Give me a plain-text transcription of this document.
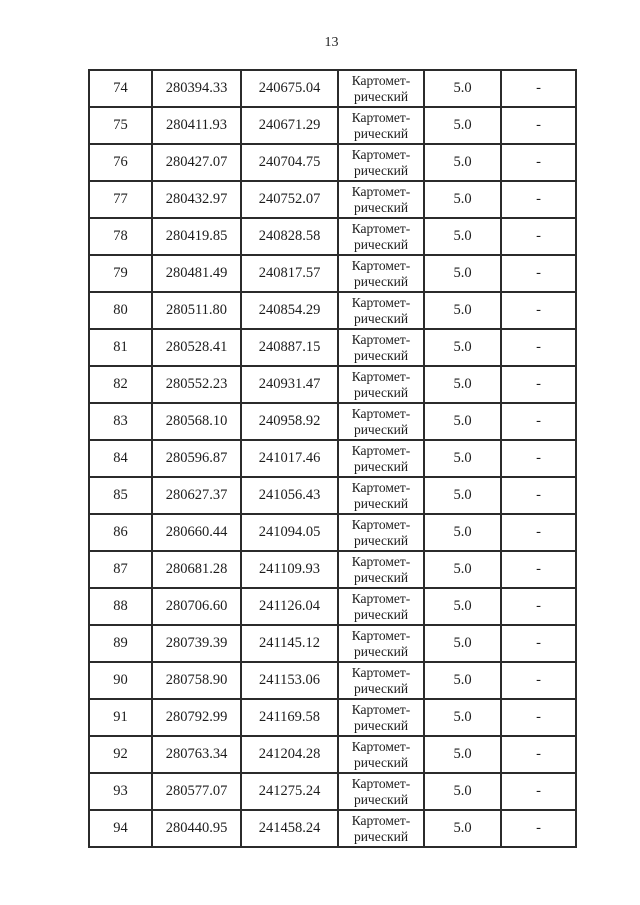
13
74	280394.33	240675.04	Картомет-
рический	5.0	-
75	280411.93	240671.29	Картомет-
рический	5.0	-
76	280427.07	240704.75	Картомет-
рический	5.0	-
77	280432.97	240752.07	Картомет-
рический	5.0	-
78	280419.85	240828.58	Картомет-
рический	5.0	-
79	280481.49	240817.57	Картомет-
рический	5.0	-
80	280511.80	240854.29	Картомет-
рический	5.0	-
81	280528.41	240887.15	Картомет-
рический	5.0	-
82	280552.23	240931.47	Картомет-
рический	5.0	-
83	280568.10	240958.92	Картомет-
рический	5.0	-
84	280596.87	241017.46	Картомет-
рический	5.0	-
85	280627.37	241056.43	Картомет-
рический	5.0	-
86	280660.44	241094.05	Картомет-
рический	5.0	-
87	280681.28	241109.93	Картомет-
рический	5.0	-
88	280706.60	241126.04	Картомет-
рический	5.0	-
89	280739.39	241145.12	Картомет-
рический	5.0	-
90	280758.90	241153.06	Картомет-
рический	5.0	-
91	280792.99	241169.58	Картомет-
рический	5.0	-
92	280763.34	241204.28	Картомет-
рический	5.0	-
93	280577.07	241275.24	Картомет-
рический	5.0	-
94	280440.95	241458.24	Картомет-
рический	5.0	-
